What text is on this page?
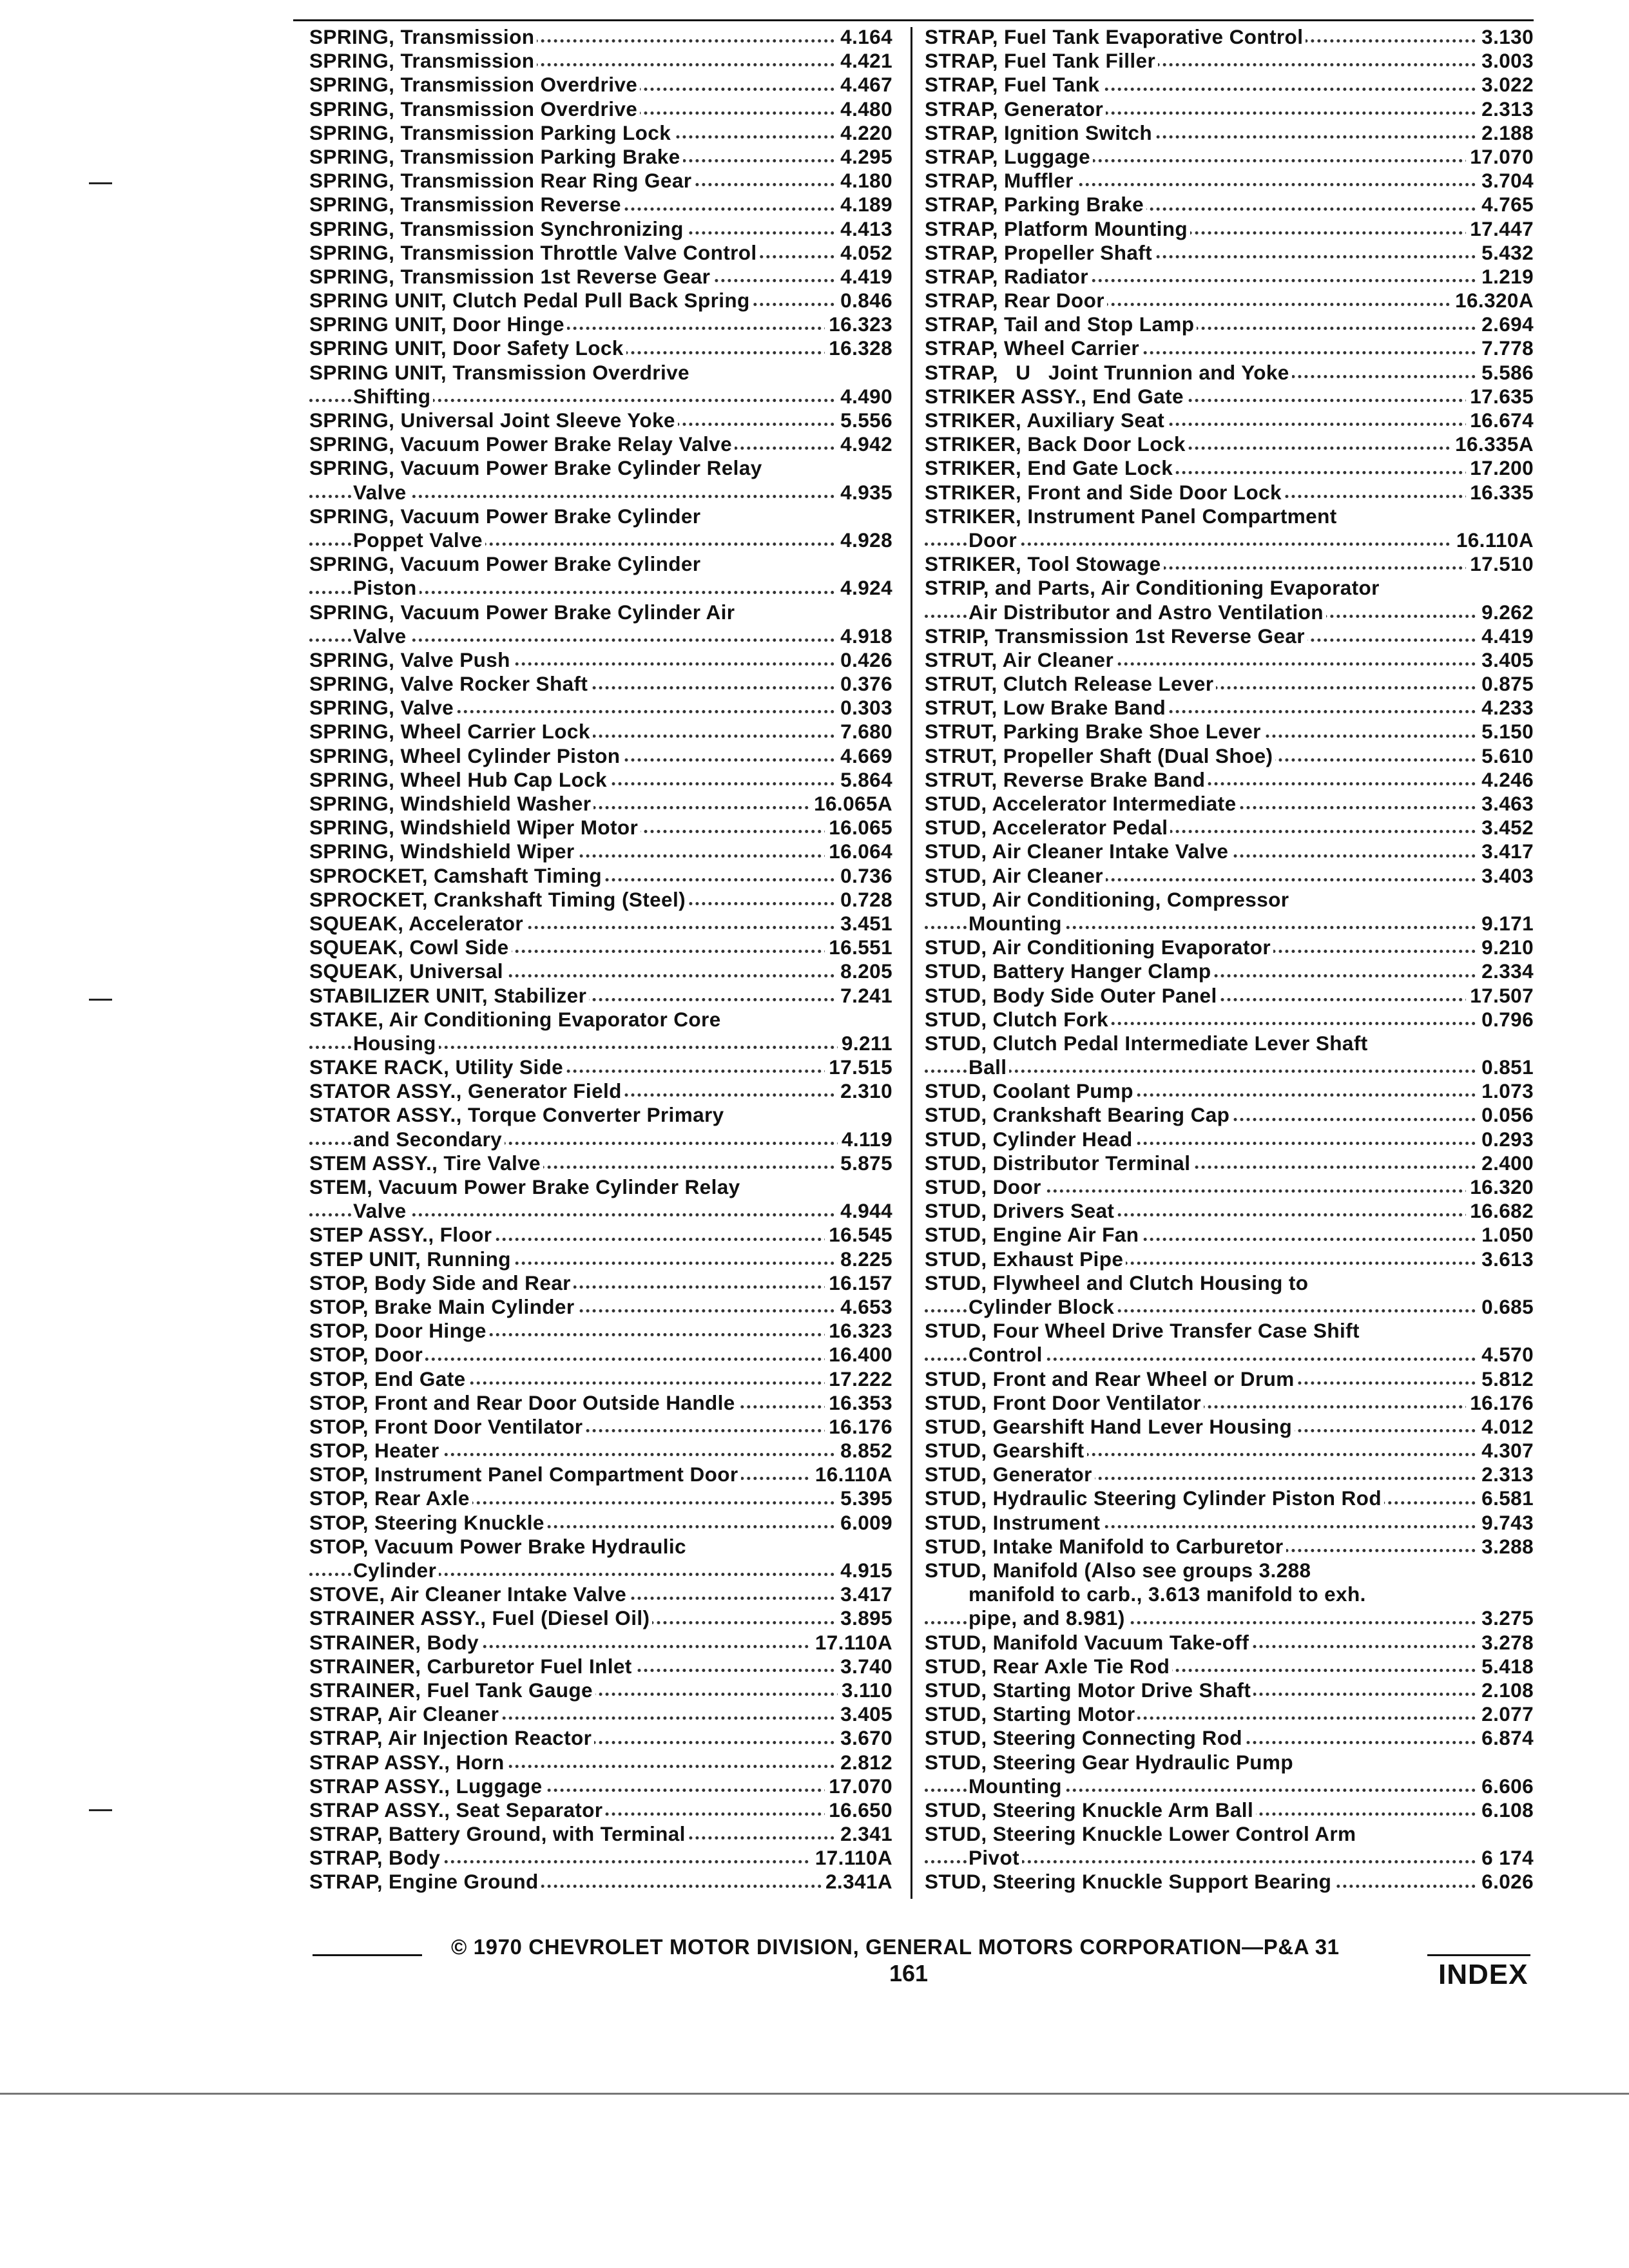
SPRING, Transmission	4.164
SPRING, Transmission	4.421
SPRING, Transmission Overdrive	4.467
SPRING, Transmission Overdrive	4.480
SPRING, Transmission Parking Lock	4.220
SPRING, Transmission Parking Brake	4.295
SPRING, Transmission Rear Ring Gear	4.180
SPRING, Transmission Reverse	4.189
SPRING, Transmission Synchronizing	4.413
SPRING, Transmission Throttle Valve Control	4.052
SPRING, Transmission 1st Reverse Gear	4.419
SPRING UNIT, Clutch Pedal Pull Back Spring	0.846
SPRING UNIT, Door Hinge	16.323
SPRING UNIT, Door Safety Lock	16.328
SPRING UNIT, Transmission Overdrive
Shifting	4.490
SPRING, Universal Joint Sleeve Yoke	5.556
SPRING, Vacuum Power Brake Relay Valve	4.942
SPRING, Vacuum Power Brake Cylinder Relay
Valve	4.935
SPRING, Vacuum Power Brake Cylinder
Poppet Valve	4.928
SPRING, Vacuum Power Brake Cylinder
Piston	4.924
SPRING, Vacuum Power Brake Cylinder Air
Valve	4.918
SPRING, Valve Push	0.426
SPRING, Valve Rocker Shaft	0.376
SPRING, Valve	0.303
SPRING, Wheel Carrier Lock	7.680
SPRING, Wheel Cylinder Piston	4.669
SPRING, Wheel Hub Cap Lock	5.864
SPRING, Windshield Washer	16.065A
SPRING, Windshield Wiper Motor	16.065
SPRING, Windshield Wiper	16.064
SPROCKET, Camshaft Timing	0.736
SPROCKET, Crankshaft Timing (Steel)	0.728
SQUEAK, Accelerator	3.451
SQUEAK, Cowl Side	16.551
SQUEAK, Universal	8.205
STABILIZER UNIT, Stabilizer	7.241
STAKE, Air Conditioning Evaporator Core
Housing	9.211
STAKE RACK, Utility Side	17.515
STATOR ASSY., Generator Field	2.310
STATOR ASSY., Torque Converter Primary
and Secondary	4.119
STEM ASSY., Tire Valve	5.875
STEM, Vacuum Power Brake Cylinder Relay
Valve	4.944
STEP ASSY., Floor	16.545
STEP UNIT, Running	8.225
STOP, Body Side and Rear	16.157
STOP, Brake Main Cylinder	4.653
STOP, Door Hinge	16.323
STOP, Door	16.400
STOP, End Gate	17.222
STOP, Front and Rear Door Outside Handle	16.353
STOP, Front Door Ventilator	16.176
STOP, Heater	8.852
STOP, Instrument Panel Compartment Door	16.110A
STOP, Rear Axle	5.395
STOP, Steering Knuckle	6.009
STOP, Vacuum Power Brake Hydraulic
Cylinder	4.915
STOVE, Air Cleaner Intake Valve	3.417
STRAINER ASSY., Fuel (Diesel Oil)	3.895
STRAINER, Body	17.110A
STRAINER, Carburetor Fuel Inlet	3.740
STRAINER, Fuel Tank Gauge	3.110
STRAP, Air Cleaner	3.405
STRAP, Air Injection Reactor	3.670
STRAP ASSY., Horn	2.812
STRAP ASSY., Luggage	17.070
STRAP ASSY., Seat Separator	16.650
STRAP, Battery Ground, with Terminal	2.341
STRAP, Body	17.110A
STRAP, Engine Ground	2.341A
STRAP, Fuel Tank Evaporative Control	3.130
STRAP, Fuel Tank Filler	3.003
STRAP, Fuel Tank	3.022
STRAP, Generator	2.313
STRAP, Ignition Switch	2.188
STRAP, Luggage	17.070
STRAP, Muffler	3.704
STRAP, Parking Brake	4.765
STRAP, Platform Mounting	17.447
STRAP, Propeller Shaft	5.432
STRAP, Radiator	1.219
STRAP, Rear Door	16.320A
STRAP, Tail and Stop Lamp	2.694
STRAP, Wheel Carrier	7.778
STRAP,   U   Joint Trunnion and Yoke	5.586
STRIKER ASSY., End Gate	17.635
STRIKER, Auxiliary Seat	16.674
STRIKER, Back Door Lock	16.335A
STRIKER, End Gate Lock	17.200
STRIKER, Front and Side Door Lock	16.335
STRIKER, Instrument Panel Compartment
Door	16.110A
STRIKER, Tool Stowage	17.510
STRIP, and Parts, Air Conditioning Evaporator
Air Distributor and Astro Ventilation	9.262
STRIP, Transmission 1st Reverse Gear	4.419
STRUT, Air Cleaner	3.405
STRUT, Clutch Release Lever	0.875
STRUT, Low Brake Band	4.233
STRUT, Parking Brake Shoe Lever	5.150
STRUT, Propeller Shaft (Dual Shoe)	5.610
STRUT, Reverse Brake Band	4.246
STUD, Accelerator Intermediate	3.463
STUD, Accelerator Pedal	3.452
STUD, Air Cleaner Intake Valve	3.417
STUD, Air Cleaner	3.403
STUD, Air Conditioning, Compressor
Mounting	9.171
STUD, Air Conditioning Evaporator	9.210
STUD, Battery Hanger Clamp	2.334
STUD, Body Side Outer Panel	17.507
STUD, Clutch Fork	0.796
STUD, Clutch Pedal Intermediate Lever Shaft
Ball	0.851
STUD, Coolant Pump	1.073
STUD, Crankshaft Bearing Cap	0.056
STUD, Cylinder Head	0.293
STUD, Distributor Terminal	2.400
STUD, Door	16.320
STUD, Drivers Seat	16.682
STUD, Engine Air Fan	1.050
STUD, Exhaust Pipe	3.613
STUD, Flywheel and Clutch Housing to
Cylinder Block	0.685
STUD, Four Wheel Drive Transfer Case Shift
Control	4.570
STUD, Front and Rear Wheel or Drum	5.812
STUD, Front Door Ventilator	16.176
STUD, Gearshift Hand Lever Housing	4.012
STUD, Gearshift	4.307
STUD, Generator	2.313
STUD, Hydraulic Steering Cylinder Piston Rod	6.581
STUD, Instrument	9.743
STUD, Intake Manifold to Carburetor	3.288
STUD, Manifold (Also see groups 3.288
manifold to carb., 3.613 manifold to exh.
pipe, and 8.981)	3.275
STUD, Manifold Vacuum Take-off	3.278
STUD, Rear Axle Tie Rod	5.418
STUD, Starting Motor Drive Shaft	2.108
STUD, Starting Motor	2.077
STUD, Steering Connecting Rod	6.874
STUD, Steering Gear Hydraulic Pump
Mounting	6.606
STUD, Steering Knuckle Arm Ball	6.108
STUD, Steering Knuckle Lower Control Arm
Pivot	6 174
STUD, Steering Knuckle Support Bearing	6.026
© 1970 CHEVROLET MOTOR DIVISION, GENERAL MOTORS CORPORATION—P&A 31
161	INDEX
